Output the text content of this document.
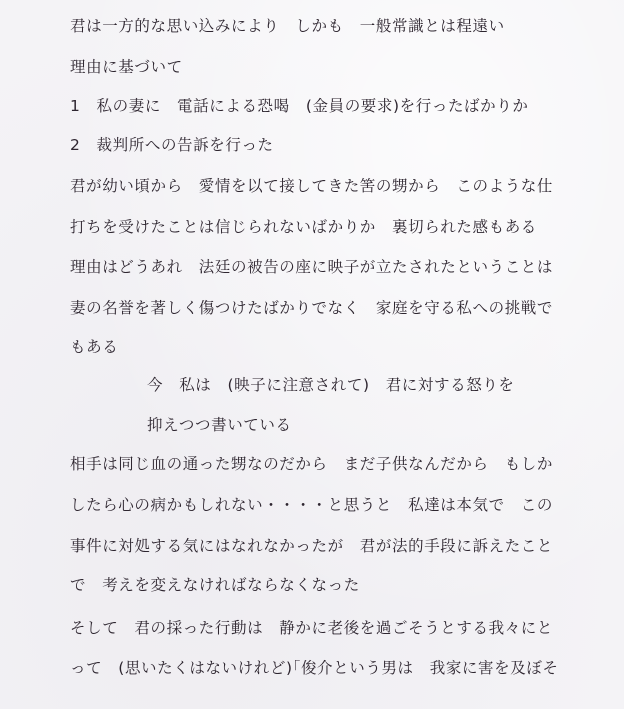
君は一方的な思い込みにより　しかも　一般常識とは程遠い
理由に基づいて
1　私の妻に　電話による恐喝　(金員の要求)を行ったばかりか
2　裁判所への告訴を行った
君が幼い頃から　愛情を以て接してきた筈の甥から　このような仕
打ちを受けたことは信じられないばかりか　裏切られた感もある
理由はどうあれ　法廷の被告の座に映子が立たされたということは
妻の名誉を著しく傷つけたばかりでなく　家庭を守る私への挑戦で
もある
今　私は　(映子に注意されて)　君に対する怒りを
抑えつつ書いている
相手は同じ血の通った甥なのだから　まだ子供なんだから　もしか
したら心の病かもしれない・・・・と思うと　私達は本気で　この
事件に対処する気にはなれなかったが　君が法的手段に訴えたこと
で　考えを変えなければならなくなった
そして　君の採った行動は　静かに老後を過ごそうとする我々にと
って　(思いたくはないけれど)｢俊介という男は　我家に害を及ぼそ
